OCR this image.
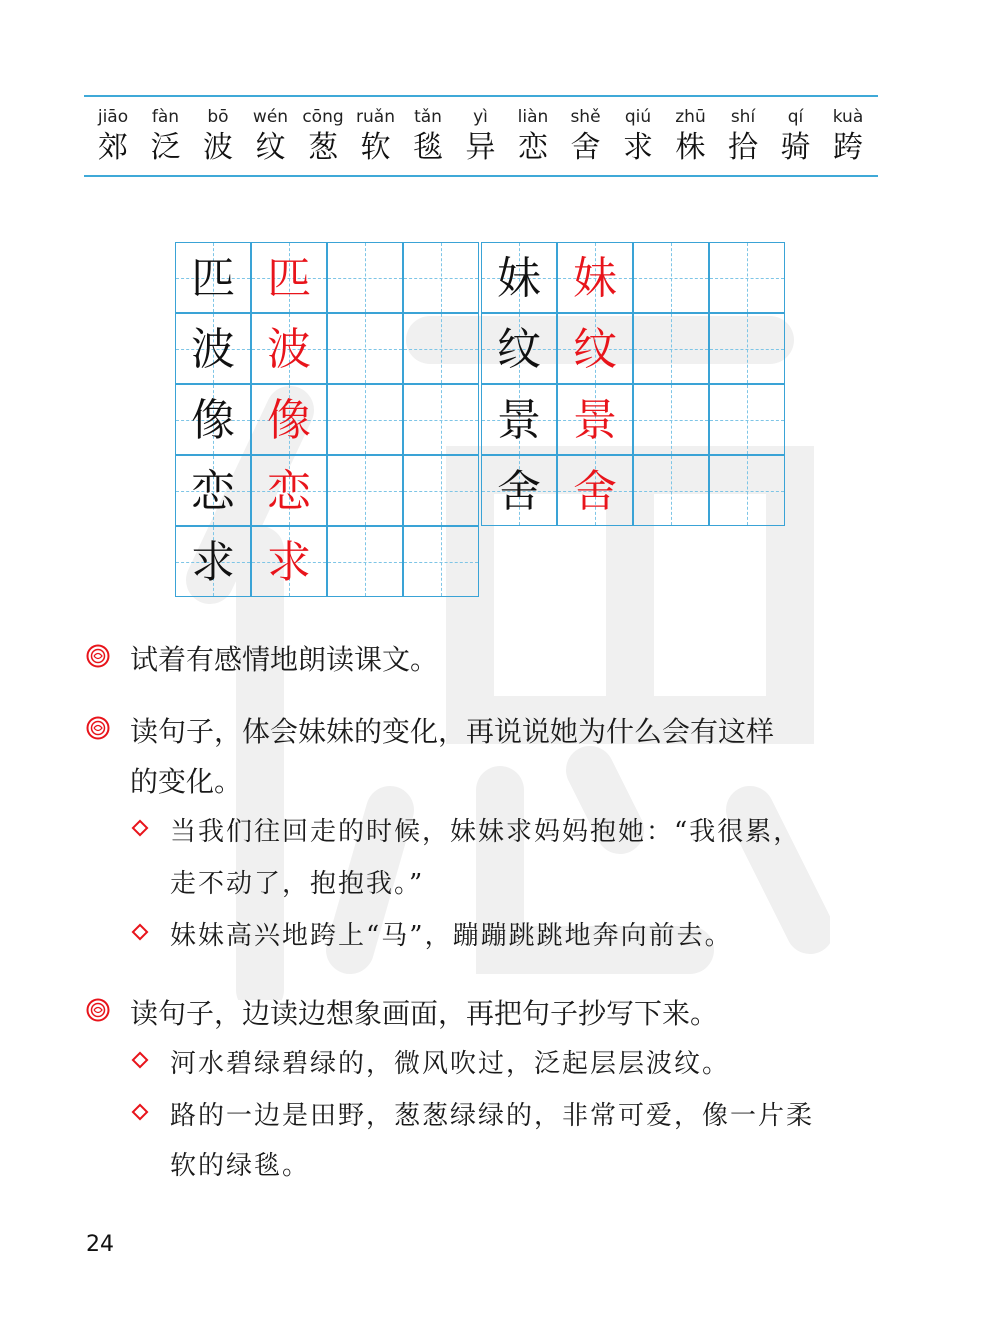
jiāo
郊
fàn
泛
bō
波
wén
纹
cōng
葱
ruǎn
软
tǎn
毯
yì
异
liàn
恋
shě
舍
qiú
求
zhū
株
shí
拾
qí
骑
kuà
跨
匹 匹
波 波
像 像
恋 恋
求 求
妹 妹
纹 纹
景 景
舍 舍
试着有感情地朗读课文。
读句子，体会妹妹的变化，再说说她为什么会有这样
的变化。
当我们往回走的时候，妹妹求妈妈抱她：“我很累，
走不动了，抱抱我。”
妹妹高兴地跨上“马”，蹦蹦跳跳地奔向前去。
读句子，边读边想象画面，再把句子抄写下来。
河水碧绿碧绿的，微风吹过，泛起层层波纹。
路的一边是田野，葱葱绿绿的，非常可爱，像一片柔
软的绿毯。
24
